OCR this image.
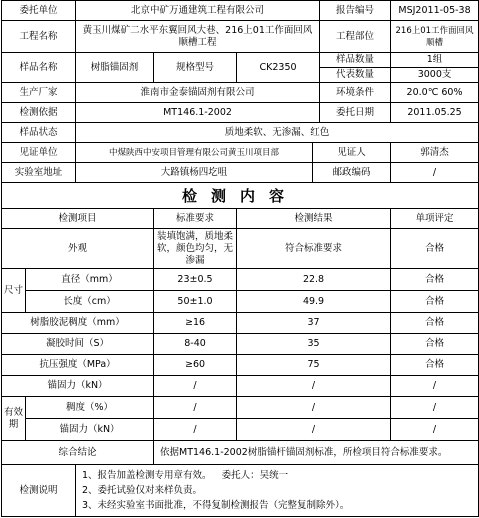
委托单位		北京中矿万通建筑工程有限公司				报告编号	MSJ2011-05-38
工程名称		黄玉川煤矿二水平东翼回风大巷、216上01工作面回风顺槽工程				工程部位	216上01工作面回风顺槽
样品名称		树脂锚固剂	规格型号	CK2350		样品数量	1组
						代表数量	3000支
生产厂家		淮南市金泰锚固剂有限公司				环境条件	20.0℃ 60%
检测依据		MT146.1-2002				委托日期	2011.05.25
样品状态		质地柔软、无渗漏、红色					
见证单位		中煤陕西中安项目管理有限公司黄玉川项目部			见证人		郭清杰
实验室地址		大路镇杨四圪咀			邮政编码		/
检测内容							
检测项目			标准要求	检测结果			单项评定
外观			装填饱满，质地柔软，颜色均匀，无渗漏	符合标准要求			合格
尺寸	直径（mm）		23±0.5	22.8			合格
	长度（cm）		50±1.0	49.9			合格
树脂胶泥稠度（mm）			≥16	37			合格
凝胶时间（S）			8-40	35			合格
抗压强度（MPa）			≥60	75			合格
锚固力（kN）			/	/			/
有效期	稠度（%）		/	/			/
	锚固力（kN）		/	/			/
综合结论			依据MT146.1-2002树脂锚杆锚固剂标准，所检项目符合标准要求。				
检测说明		1、报告加盖检测专用章有效。 委托人：吴统一
2、委托试验仅对来样负责。
3、未经实验室书面批准，不得复制检测报告（完整复制除外）。					
